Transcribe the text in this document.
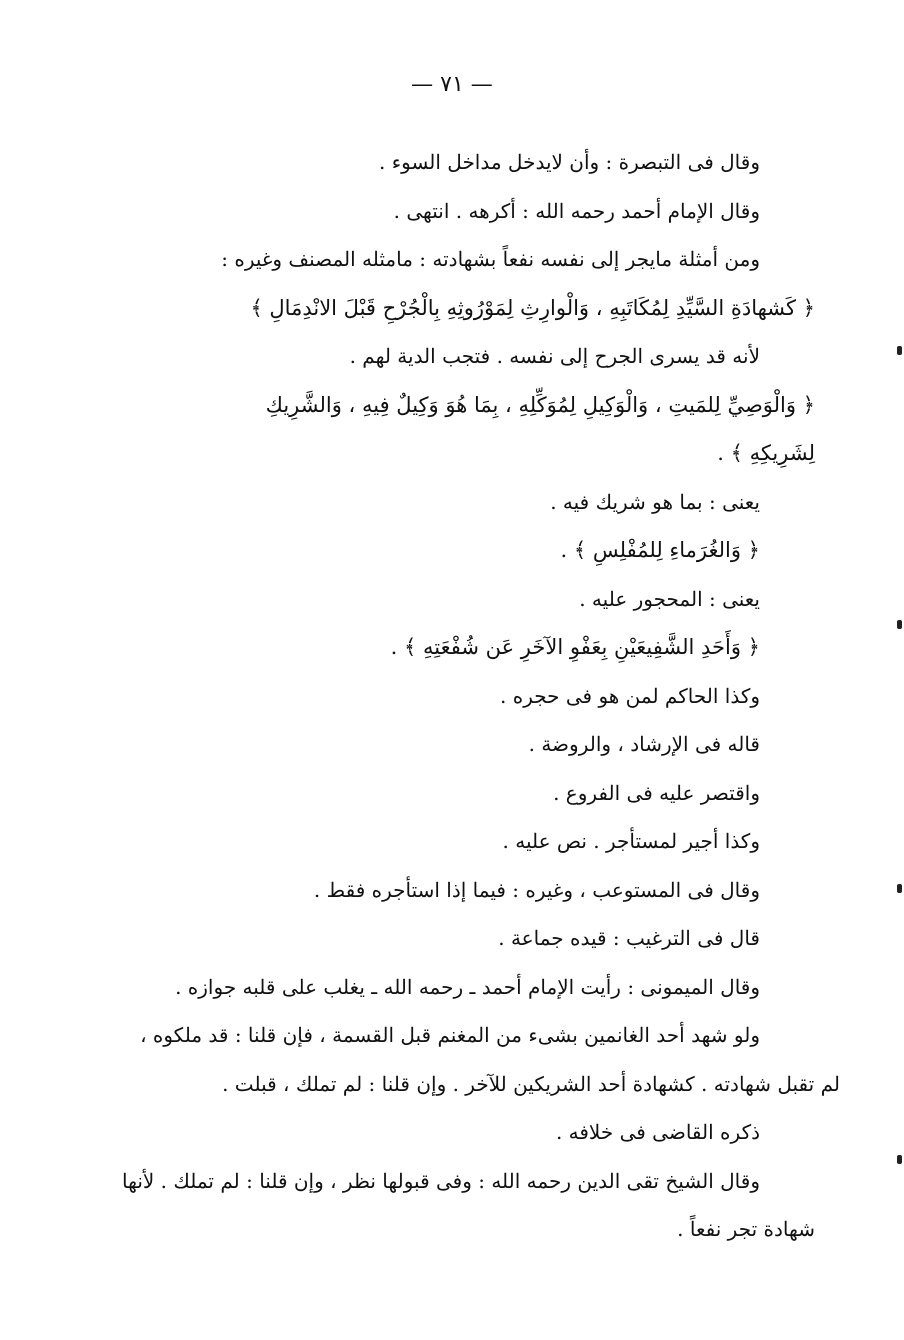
— ٧١ —
وقال فى التبصرة : وأن لايدخل مداخل السوء .
وقال الإمام أحمد رحمه الله : أكرهه . انتهى .
ومن أمثلة مايجر إلى نفسه نفعاً بشهادته : مامثله المصنف وغيره :
﴿ كَشهادَةِ السَّيِّدِ لِمُكَاتَبِهِ ، وَالْوارِثِ لِمَوْرُوثِهِ بِالْجُرْحِ قَبْلَ الانْدِمَالِ ﴾
لأنه قد يسرى الجرح إلى نفسه . فتجب الدية لهم .
﴿ وَالْوَصِيِّ لِلمَيتِ ، وَالْوَكِيلِ لِمُوَكِّلِهِ ، بِمَا هُوَ وَكِيلٌ فِيهِ ، وَالشَّرِيكِ
لِشَرِيكِهِ ﴾ .
يعنى : بما هو شريك فيه .
﴿ وَالغُرَماءِ لِلمُفْلِسِ ﴾ .
يعنى : المحجور عليه .
﴿ وَأَحَدِ الشَّفِيعَيْنِ بِعَفْوِ الآخَرِ عَن شُفْعَتِهِ ﴾ .
وكذا الحاكم لمن هو فى حجره .
قاله فى الإرشاد ، والروضة .
واقتصر عليه فى الفروع .
وكذا أجير لمستأجر . نص عليه .
وقال فى المستوعب ، وغيره : فيما إذا استأجره فقط .
قال فى الترغيب : قيده جماعة .
وقال الميمونى : رأيت الإمام أحمد ـ رحمه الله ـ يغلب على قلبه جوازه .
ولو شهد أحد الغانمين بشىء من المغنم قبل القسمة ، فإن قلنا : قد ملكوه ،
لم تقبل شهادته . كشهادة أحد الشريكين للآخر . وإن قلنا : لم تملك ، قبلت .
ذكره القاضى فى خلافه .
وقال الشيخ تقى الدين رحمه الله : وفى قبولها نظر ، وإن قلنا : لم تملك . لأنها
شهادة تجر نفعاً .
